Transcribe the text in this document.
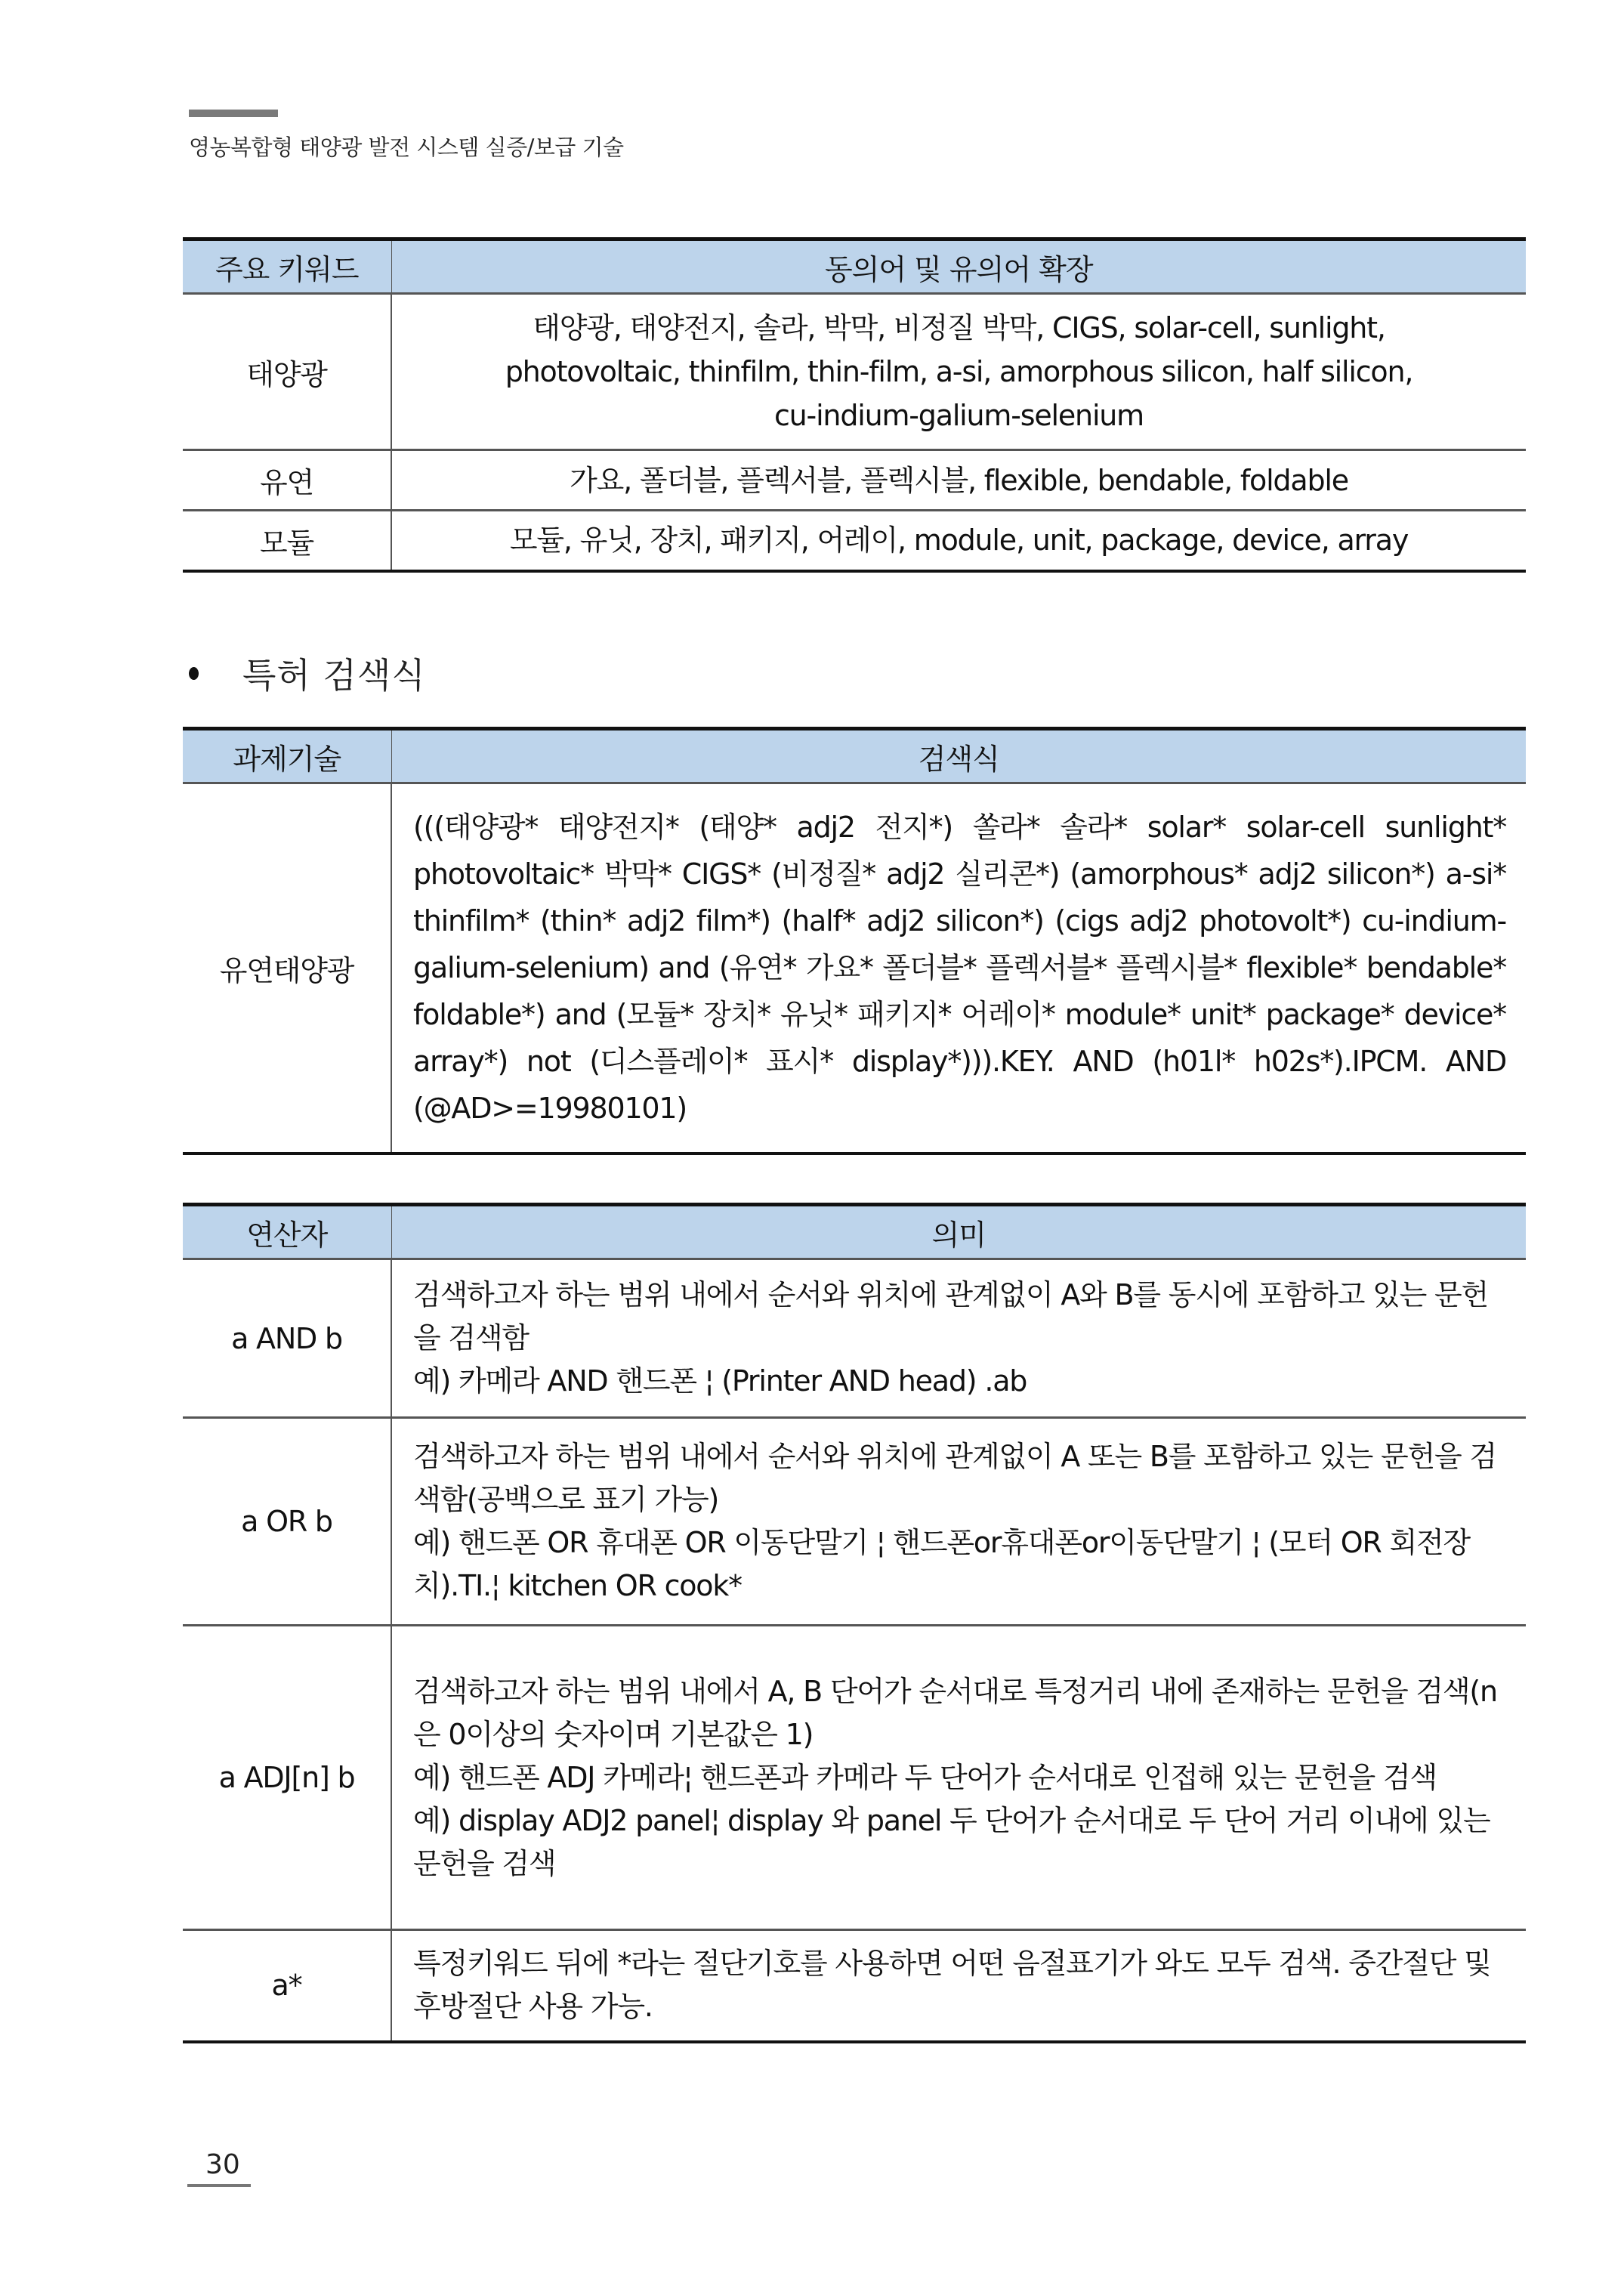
영농복합형 태양광 발전 시스템 실증/보급 기술
주요 키워드	동의어 및 유의어 확장
태양광	태양광, 태양전지, 솔라, 박막, 비정질 박막, CIGS, solar-cell, sunlight,
photovoltaic, thinfilm, thin-film, a-si, amorphous silicon, half silicon,
cu-indium-galium-selenium

유연	가요, 폴더블, 플렉서블, 플렉시블, flexible, bendable, foldable

모듈	모듈, 유닛, 장치, 패키지, 어레이, module, unit, package, device, array
특허 검색식
과제기술	검색식
유연태양광	(((태양광* 태양전지* (태양* adj2 전지*) 쏠라* 솔라* solar* solar-cell sunlight* photovoltaic* 박막* CIGS* (비정질* adj2 실리콘*) (amorphous* adj2 silicon*) a-si* thinfilm* (thin* adj2 film*) (half* adj2 silicon*) (cigs adj2 photovolt*) cu-indium-galium-selenium) and (유연* 가요* 폴더블* 플렉서블* 플렉시블* flexible* bendable* foldable*) and (모듈* 장치* 유닛* 패키지* 어레이* module* unit* package* device* array*) not (디스플레이* 표시* display*))).KEY. AND (h01l* h02s*).IPCM. AND (@AD>=19980101)
연산자	의미
a AND b	검색하고자 하는 범위 내에서 순서와 위치에 관계없이 A와 B를 동시에 포함하고 있는 문헌을 검색함
예) 카메라 AND 핸드폰 ¦ (Printer AND head) .ab

a OR b	검색하고자 하는 범위 내에서 순서와 위치에 관계없이 A 또는 B를 포함하고 있는 문헌을 검색함(공백으로 표기 가능)
예) 핸드폰 OR 휴대폰 OR 이동단말기 ¦ 핸드폰or휴대폰or이동단말기 ¦ (모터 OR 회전장치).TI.¦ kitchen OR cook*

a ADJ[n] b	검색하고자 하는 범위 내에서 A, B 단어가 순서대로 특정거리 내에 존재하는 문헌을 검색(n은 0이상의 숫자이며 기본값은 1)
예) 핸드폰 ADJ 카메라¦ 핸드폰과 카메라 두 단어가 순서대로 인접해 있는 문헌을 검색
예) display ADJ2 panel¦ display 와 panel 두 단어가 순서대로 두 단어 거리 이내에 있는 문헌을 검색

a*	특정키워드 뒤에 *라는 절단기호를 사용하면 어떤 음절표기가 와도 모두 검색. 중간절단 및 후방절단 사용 가능.
30
